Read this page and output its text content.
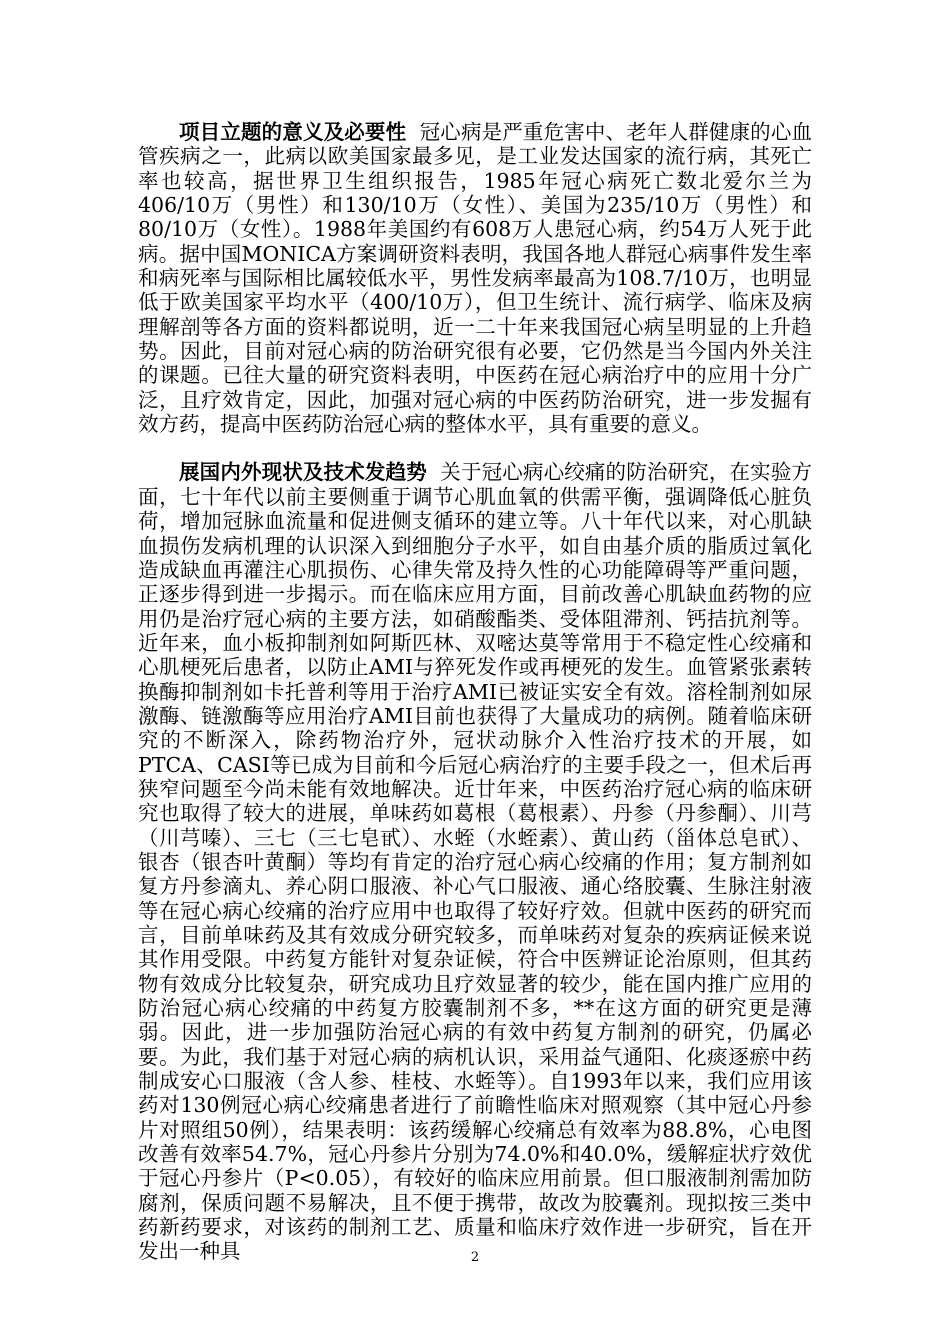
项目立题的意义及必要性 冠心病是严重危害中、老年人群健康的心血管疾病之一，此病以欧美国家最多见，是工业发达国家的流行病，其死亡率也较高，据世界卫生组织报告，1985年冠心病死亡数北爱尔兰为406/10万（男性）和130/10万（女性）、美国为235/10万（男性）和80/10万（女性）。1988年美国约有608万人患冠心病，约54万人死于此病。据中国MONICA方案调研资料表明，我国各地人群冠心病事件发生率和病死率与国际相比属较低水平，男性发病率最高为108.7/10万，也明显低于欧美国家平均水平（400/10万），但卫生统计、流行病学、临床及病理解剖等各方面的资料都说明，近一二十年来我国冠心病呈明显的上升趋势。因此，目前对冠心病的防治研究很有必要，它仍然是当今国内外关注的课题。已往大量的研究资料表明，中医药在冠心病治疗中的应用十分广泛，且疗效肯定，因此，加强对冠心病的中医药防治研究，进一步发掘有效方药，提高中医药防治冠心病的整体水平，具有重要的意义。

展国内外现状及技术发趋势 关于冠心病心绞痛的防治研究，在实验方面，七十年代以前主要侧重于调节心肌血氧的供需平衡，强调降低心脏负荷，增加冠脉血流量和促进侧支循环的建立等。八十年代以来，对心肌缺血损伤发病机理的认识深入到细胞分子水平，如自由基介质的脂质过氧化造成缺血再灌注心肌损伤、心律失常及持久性的心功能障碍等严重问题，正逐步得到进一步揭示。而在临床应用方面，目前改善心肌缺血药物的应用仍是治疗冠心病的主要方法，如硝酸酯类、受体阻滞剂、钙拮抗剂等。近年来，血小板抑制剂如阿斯匹林、双嘧达莫等常用于不稳定性心绞痛和心肌梗死后患者，以防止AMI与猝死发作或再梗死的发生。血管紧张素转换酶抑制剂如卡托普利等用于治疗AMI已被证实安全有效。溶栓制剂如尿激酶、链激酶等应用治疗AMI目前也获得了大量成功的病例。随着临床研究的不断深入，除药物治疗外，冠状动脉介入性治疗技术的开展，如PTCA、CASI等已成为目前和今后冠心病治疗的主要手段之一，但术后再狭窄问题至今尚未能有效地解决。近廿年来，中医药治疗冠心病的临床研究也取得了较大的进展，单味药如葛根（葛根素）、丹参（丹参酮）、川芎（川芎嗪）、三七（三七皂甙）、水蛭（水蛭素）、黄山药（甾体总皂甙）、银杏（银杏叶黄酮）等均有肯定的治疗冠心病心绞痛的作用；复方制剂如复方丹参滴丸、养心阴口服液、补心气口服液、通心络胶囊、生脉注射液等在冠心病心绞痛的治疗应用中也取得了较好疗效。但就中医药的研究而言，目前单味药及其有效成分研究较多，而单味药对复杂的疾病证候来说其作用受限。中药复方能针对复杂证候，符合中医辨证论治原则，但其药物有效成分比较复杂，研究成功且疗效显著的较少，能在国内推广应用的防治冠心病心绞痛的中药复方胶囊制剂不多，**在这方面的研究更是薄弱。因此，进一步加强防治冠心病的有效中药复方制剂的研究，仍属必要。为此，我们基于对冠心病的病机认识，采用益气通阳、化痰逐瘀中药制成安心口服液（含人参、桂枝、水蛭等）。自1993年以来，我们应用该药对130例冠心病心绞痛患者进行了前瞻性临床对照观察（其中冠心丹参片对照组50例），结果表明：该药缓解心绞痛总有效率为88.8%，心电图改善有效率54.7%，冠心丹参片分别为74.0%和40.0%，缓解症状疗效优于冠心丹参片（P<0.05），有较好的临床应用前景。但口服液制剂需加防腐剂，保质问题不易解决，且不便于携带，故改为胶囊剂。现拟按三类中药新药要求，对该药的制剂工艺、质量和临床疗效作进一步研究，旨在开发出一种具	2
